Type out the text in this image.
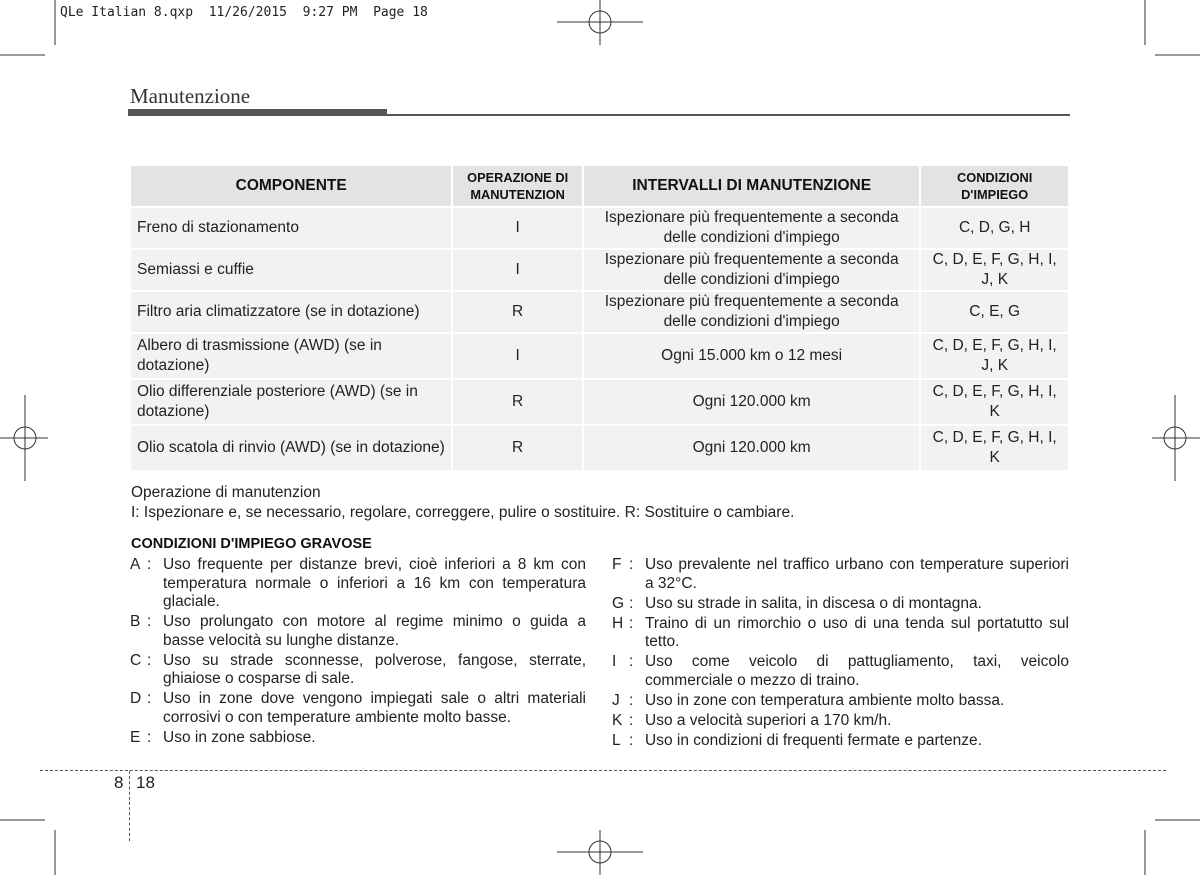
QLe Italian 8.qxp  11/26/2015  9:27 PM  Page 18
Manutenzione
COMPONENTE	OPERAZIONE DI MANUTENZION	INTERVALLI DI MANUTENZIONE	CONDIZIONI D'IMPIEGO
Freno di stazionamento	I	Ispezionare più frequentemente a seconda delle condizioni d'impiego	C, D, G, H
Semiassi e cuffie	I	Ispezionare più frequentemente a seconda delle condizioni d'impiego	C, D, E, F, G, H, I, J, K
Filtro aria climatizzatore (se in dotazione)	R	Ispezionare più frequentemente a seconda delle condizioni d'impiego	C, E, G
Albero di trasmissione (AWD) (se in dotazione)	I	Ogni 15.000 km o 12 mesi	C, D, E, F, G, H, I, J, K
Olio differenziale posteriore (AWD) (se in dotazione)	R	Ogni 120.000 km	C, D, E, F, G, H, I, K
Olio scatola di rinvio (AWD) (se in dotazione)	R	Ogni 120.000 km	C, D, E, F, G, H, I, K
Operazione di manutenzion
I: Ispezionare e, se necessario, regolare, correggere, pulire o sostituire. R: Sostituire o cambiare.
CONDIZIONI D'IMPIEGO GRAVOSE
A : Uso frequente per distanze brevi, cioè inferiori a 8 km con temperatura normale o inferiori a 16 km con temperatura glaciale.
B : Uso prolungato con motore al regime minimo o guida a basse velocità su lunghe distanze.
C : Uso su strade sconnesse, polverose, fangose, sterrate, ghiaiose o cosparse di sale.
D : Uso in zone dove vengono impiegati sale o altri materiali corrosivi o con temperature ambiente molto basse.
E : Uso in zone sabbiose.
F : Uso prevalente nel traffico urbano con temperature superiori a 32°C.
G : Uso su strade in salita, in discesa o di montagna.
H : Traino di un rimorchio o uso di una tenda sul portatutto sul tetto.
I : Uso come veicolo di pattugliamento, taxi, veicolo commerciale o mezzo di traino.
J : Uso in zone con temperatura ambiente molto bassa.
K : Uso a velocità superiori a 170 km/h.
L : Uso in condizioni di frequenti fermate e partenze.
8 18
